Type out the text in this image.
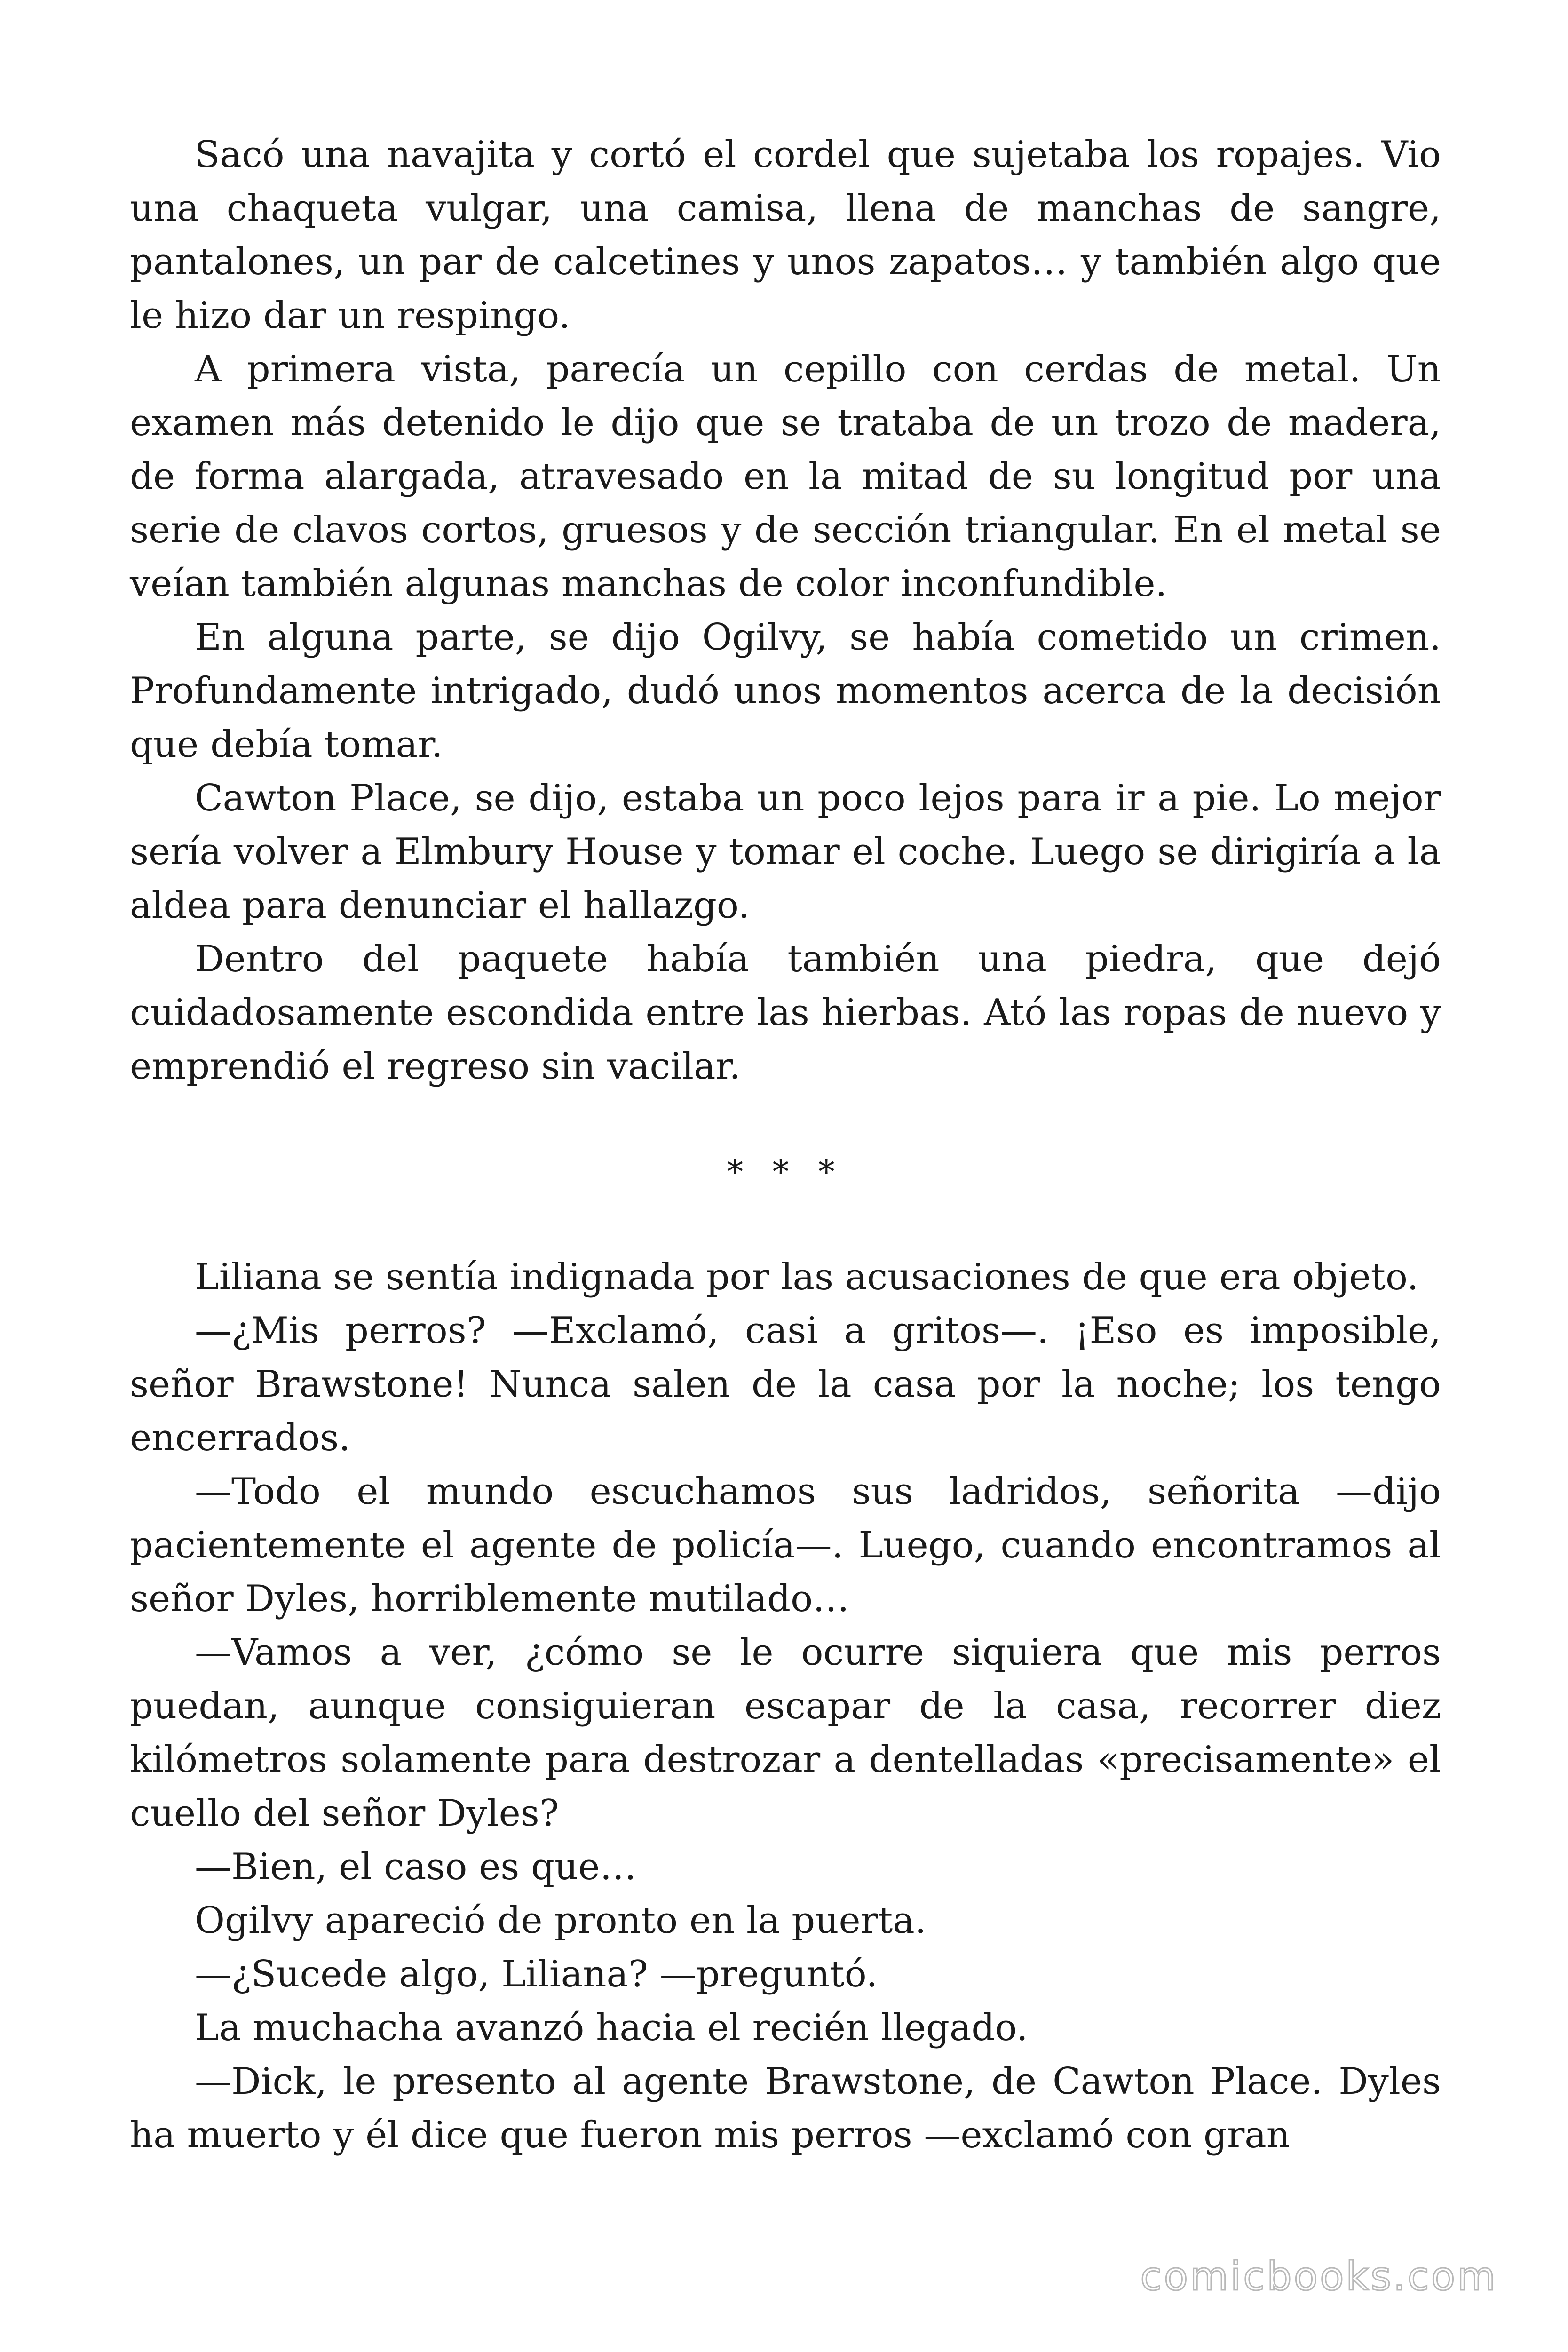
Sacó una navajita y cortó el cordel que sujetaba los ropajes. Vio una chaqueta vulgar, una camisa, llena de manchas de sangre, pantalones, un par de calcetines y unos zapatos… y también algo que le hizo dar un respingo.

A primera vista, parecía un cepillo con cerdas de metal. Un examen más detenido le dijo que se trataba de un trozo de madera, de forma alargada, atravesado en la mitad de su longitud por una serie de clavos cortos, gruesos y de sección triangular. En el metal se veían también algunas manchas de color inconfundible.

En alguna parte, se dijo Ogilvy, se había cometido un crimen. Profundamente intrigado, dudó unos momentos acerca de la decisión que debía tomar.

Cawton Place, se dijo, estaba un poco lejos para ir a pie. Lo mejor sería volver a Elmbury House y tomar el coche. Luego se dirigiría a la aldea para denunciar el hallazgo.

Dentro del paquete había también una piedra, que dejó cuidadosamente escondida entre las hierbas. Ató las ropas de nuevo y emprendió el regreso sin vacilar.

* * *

Liliana se sentía indignada por las acusaciones de que era objeto.

—¿Mis perros? —Exclamó, casi a gritos—. ¡Eso es imposible, señor Brawstone! Nunca salen de la casa por la noche; los tengo encerrados.

—Todo el mundo escuchamos sus ladridos, señorita —dijo pacientemente el agente de policía—. Luego, cuando encontramos al señor Dyles, horriblemente mutilado…

—Vamos a ver, ¿cómo se le ocurre siquiera que mis perros puedan, aunque consiguieran escapar de la casa, recorrer diez kilómetros solamente para destrozar a dentelladas «precisamente» el cuello del señor Dyles?

—Bien, el caso es que…

Ogilvy apareció de pronto en la puerta.

—¿Sucede algo, Liliana? —preguntó.

La muchacha avanzó hacia el recién llegado.

—Dick, le presento al agente Brawstone, de Cawton Place. Dyles ha muerto y él dice que fueron mis perros —exclamó con gran

comicbooks.com
